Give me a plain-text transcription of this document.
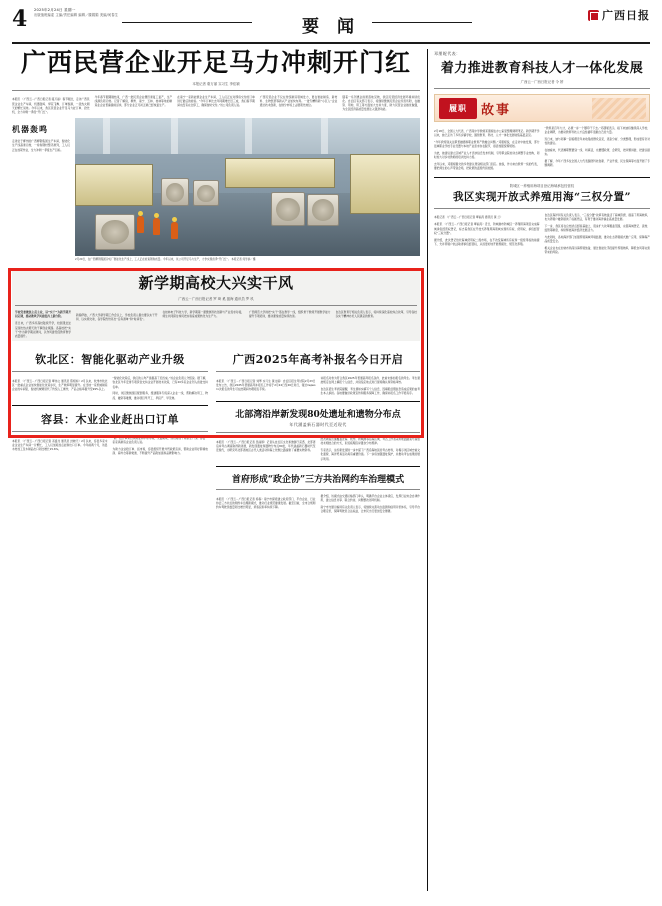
4 2025年2月24日 星期一
出版值班编委 主编/责任编辑 编辑／滕娟娟 美编/何春生
要 闻
广西日报
广西民营企业开足马力冲刺开门红
本报记者 骆万丽 实习生 李佳颖

本报讯 （广西云－广西日报记者 骆万丽）春节刚过，走访广西民营企业生产车间，机器轰鸣、焊花飞舞、订单饱满，一派热火朝天的繁忙景象。今年以来，我区民营企业开足马力赶订单、抢先机，全力冲刺一季度“开门红”。

今年春节假期刚结束，广西一批民营企业便迅速复工复产，生产线满负荷运转。记者了解到，柳州、南宁、玉林、桂林等地的制造业企业普遍提前返岗，部分企业正月初五就已经恢复生产。

在南宁一家新能源企业生产车间，工人们正在对即将交付的订单进行最后的检验。“今年订单比去年同期增长近三成，我们春节期间也没有完全停工，确保按时交付。”该公司负责人说。

广西民营企业不仅在传统制造领域发力，更在智能制造、新材料、生物医药等新兴产业加快布局。一批专精特新“小巨人”企业通过技术创新，在细分市场上占据领先地位。

随着一系列惠企政策落地见效，我区民营经济发展环境持续优化。自治区有关部门表示，将继续聚焦民营企业所需所盼，在融资、用地、用工等方面加大支持力度，助力民营企业做优做强，为全区经济高质量发展注入强劲动能。

机器轰鸣
走进位于柳州的广西柳钢集团生产车间，智能化生产线高速运转，一卷卷钢材整齐排列，工人们正在加紧作业，全力冲刺一季度生产目标。
2月20日，在广西柳钢集团冷轧厂智能化生产线上，工人正在检查钢卷质量。今年以来，该公司开足马力生产，力争实现首季“开门红”。 本报记者 何学俏／摄
新学期高校大兴实干风
广西云－广西日报记者 罗 琦 奚 振海 通讯员 罗 玖
学校党委聚焦主责主业，以“实干”为新学期开局定调，推动教风学风建设再上新台阶。
连日来，广西多所高校陆续开学，校园里处处呈现出热火朝天的干事创业氛围。各高校把“实干”作为新学期关键词，以作风建设促教育教学质量提升。

新春伊始，广西大学新学期工作会议上，学校负责人提出要以实干开局、以实绩交卷，各学院纷纷亮出“任务清单”和“时间表”。

在桂林电子科技大学，新学期第一课聚焦科技创新与产业需求对接，师生共同探讨如何把实验室成果转化为生产力。

广西师范大学则把“实干”落在教学一线，组织骨干教师开展教学能力提升专项培训，推动课堂质量持续改进。

自治区教育厅相关负责人表示，将持续深化高校综合改革，引导各校以实干精神办好人民满意的教育。

钦北区：智能化驱动产业升级

本报讯 （广西云－广西日报记者 覃伟立 通讯员 陈相如）2月以来，钦州市钦北区一批重点企业加快智能化改造步伐，生产效率明显提升。在当地一家机械制造企业的车间里，智能机械臂替代了传统人工操作，产品合格率提升至99%以上。

“智能化改造后，我们的人均产值提高了近四成。”该企业负责人介绍说。据了解，钦北区今年安排专项资金支持企业开展技术改造，已有20多家企业列入首批支持名单。

同时，该区聚焦园区配套服务，组建服务专班深入企业一线，帮助解决用工、物流、融资等难题，推动项目早开工、早投产、早见效。

容县：木业企业赶出口订单

本报讯 （广西云－广西日报记者 邓盛龙 通讯员 封晓天）2月以来，容县多家木业企业生产车间一片繁忙，工人们加班加点赶制出口订单。今年前两个月，该县木材加工及木制品出口同比增长15.6%。

“新一批订单来自东南亚和中东市场，交货期紧，我们增加了两条生产线。”容县一家家具制造企业负责人说。

为助力企业稳订单、拓市场，容县组织开展外贸政策宣讲，帮助企业用好跨境电商、海外仓等新渠道，不断提升产品附加值和品牌影响力。

广西2025年高考补报名今日开启

本报讯 （广西云－广西日报记者 刘琴 实习生 黄文娟）自治区招生考试院2月23日发布公告，我区2025年普通高考补报名工作将于2月24日至26日进行，错过первого次报名的考生可在此期间办理报名手续。

补报名对象为符合我区2025年普通高考报名条件、此前未参加报名的考生。考生须按规定在网上填报个人信息，并到指定地点进行现场确认和资格审核。

自治区招生考试院提醒，考生须如实填写个人信息，因填报虚假信息造成后果的由考生本人承担。各地要做好政策宣传和服务保障工作，确保补报名工作平稳有序。

北部湾沿岸新发现80处遗址和遗物分布点
年代涵盖新石器时代至近现代

本报讯 （广西云－广西日报记者 吴丽婷）记者从自治区文化和旅游厅获悉，北部湾沿岸考古调查取得新进展，新发现遗址和遗物分布点80处，年代涵盖新石器时代至近现代，为研究环北部湾地区古代人类活动和海上丝绸之路提供了重要实物资料。

此次调查范围覆盖北海、钦州、防城港等沿海区域，考古工作者采用地面踏查与遥感技术相结合的方式，系统梳理沿岸遗存分布规律。

专家表示，这些新发现进一步丰富了广西沿海地区的考古材料，对揭示该区域史前文化面貌、海洋贸易活动具有重要价值。下一步将加强遗址保护，并推动考古成果的展示利用。

首府形成“政企协”三方共治网约车治理模式

本报讯 （广西云－广西日报记者 杨春）南宁市探索建立政府部门、平台企业、行业协会三方共治的网约车治理新模式，推动行业规范健康发展。截至目前，全市合规网约车驾驶员数量同比增长明显，乘客投诉率持续下降。

据介绍，该模式由交通运输部门牵头，明确平台企业主体责任，发挥行业协会自律作用，建立信息共享、联合约谈、问题整改闭环机制。

南宁市交通运输局有关负责人表示，将继续完善动态监测和信用评价体系，引导平台合理定价，保障驾驶员合法权益，让市民出行更加安全便捷。

邓朋妮代表：
着力推进教育科技人才一体化发展
广西云－广西日报记者 今 婷
履职	故事

2月18日，全国人大代表、广西某中学教师邓朋妮在办公室里整理调研笔记。新学期开学以来，她已走访了多所乡镇学校，围绕教育、科技、人才一体化发展收集基层意见。

“今年我特别关注职普融通和职业教育产教融合问题。”邓朋妮说，在走访中她发现，部分县域职业学校专业设置与本地产业需求存在脱节，亟需加强统筹规划。

为此，她建议建立区域产业人才需求信息发布机制，引导职业院校动态调整专业结构，同时加大对乡村教师的培训支持力度。

去年以来，邓朋妮提交的多份建议得到相关部门回应。她说，作为来自教育一线的代表，要把师生的心声带到会场，把政策的温度传到校园。

“教育是百年大计，必须一步一个脚印干下去。”邓朋妮表示，接下来她将继续深入学校、企业调研，为推动教育科技人才良性循环贡献自己的力量。

连日来，她与同事一起梳理近年来收集的群众意见，逐条分析、分类整理，形成更有针对性的建议。

在她看来，代表履职既要到一线、听真话，也要懂政策、会研究，把问题讲准、把建议提实。

据了解，今年广西多位全国人大代表围绕科技创新、产业升级、民生保障等方面开展了专题调研。

防城区一养殖用海项目登记海域承包经营权
我区实现开放式养殖用海“三权分置”

本报记者 （广西云－广西日报记者 覃丽丹 通讯员 黄 兰）

本报讯 （广西云－广西日报记者 覃丽丹）近日，防城港市防城区一养殖用海项目完成海域承包经营权登记，标志着我区在开放式养殖用海领域实现所有权、使用权、承包经营权“三权分置”。

据介绍，此次登记依托海域使用权二级市场，在不改变海域所有权和一级使用权的前提下，允许养殖户依法取得承包经营权，从而更好地开展规模化、规范化养殖。

自治区海洋局有关负责人表示，“三权分置”改革有效盘活了海域资源，提高了用海效率，也为养殖户融资提供了权属凭证，有利于推动海洋渔业高质量发展。

下一步，我区将在总结试点经验基础上，逐步扩大改革覆盖范围，完善海域登记、流转、监管等制度，持续释放海洋经济发展活力。

与此同时，各地海洋部门加强养殖海域环境监测，推动生态养殖模式推广应用，保障海产品质量安全。

相关企业也在加快布局深远海养殖装备，通过智能化手段提升养殖效率，降低台风等灾害带来的风险。
